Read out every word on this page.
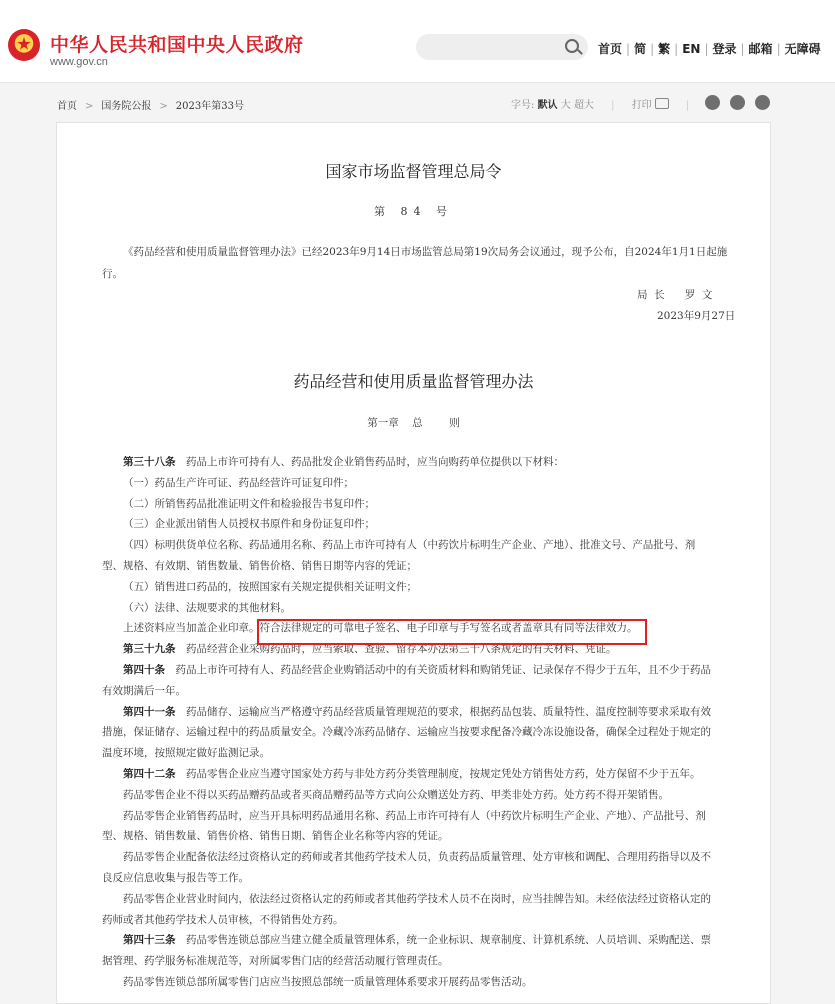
中华人民共和国中央人民政府
www.gov.cn
首页 | 简 | 繁 | EN | 登录 | 邮箱 | 无障碍
首页 > 国务院公报 > 2023年第33号	字号: 默认 大 超大 | 打印	|
国家市场监督管理总局令
第 84 号
《药品经营和使用质量监督管理办法》已经2023年9月14日市场监管总局第19次局务会议通过，现予公布，自2024年1月1日起施
行。
局  长      罗  文
2023年9月27日
药品经营和使用质量监督管理办法
第一章    总        则
第三十八条　药品上市许可持有人、药品批发企业销售药品时，应当向购药单位提供以下材料：
（一）药品生产许可证、药品经营许可证复印件；
（二）所销售药品批准证明文件和检验报告书复印件；
（三）企业派出销售人员授权书原件和身份证复印件；
（四）标明供货单位名称、药品通用名称、药品上市许可持有人（中药饮片标明生产企业、产地）、批准文号、产品批号、剂
型、规格、有效期、销售数量、销售价格、销售日期等内容的凭证；
（五）销售进口药品的，按照国家有关规定提供相关证明文件；
（六）法律、法规要求的其他材料。
上述资料应当加盖企业印章。符合法律规定的可靠电子签名、电子印章与手写签名或者盖章具有同等法律效力。
第三十九条　药品经营企业采购药品时，应当索取、查验、留存本办法第三十八条规定的有关材料、凭证。
第四十条　药品上市许可持有人、药品经营企业购销活动中的有关资质材料和购销凭证、记录保存不得少于五年，且不少于药品
有效期满后一年。
第四十一条　药品储存、运输应当严格遵守药品经营质量管理规范的要求，根据药品包装、质量特性、温度控制等要求采取有效
措施，保证储存、运输过程中的药品质量安全。冷藏冷冻药品储存、运输应当按要求配备冷藏冷冻设施设备，确保全过程处于规定的
温度环境，按照规定做好监测记录。
第四十二条　药品零售企业应当遵守国家处方药与非处方药分类管理制度，按规定凭处方销售处方药，处方保留不少于五年。
药品零售企业不得以买药品赠药品或者买商品赠药品等方式向公众赠送处方药、甲类非处方药。处方药不得开架销售。
药品零售企业销售药品时，应当开具标明药品通用名称、药品上市许可持有人（中药饮片标明生产企业、产地）、产品批号、剂
型、规格、销售数量、销售价格、销售日期、销售企业名称等内容的凭证。
药品零售企业配备依法经过资格认定的药师或者其他药学技术人员，负责药品质量管理、处方审核和调配、合理用药指导以及不
良反应信息收集与报告等工作。
药品零售企业营业时间内，依法经过资格认定的药师或者其他药学技术人员不在岗时，应当挂牌告知。未经依法经过资格认定的
药师或者其他药学技术人员审核，不得销售处方药。
第四十三条　药品零售连锁总部应当建立健全质量管理体系，统一企业标识、规章制度、计算机系统、人员培训、采购配送、票
据管理、药学服务标准规范等，对所属零售门店的经营活动履行管理责任。
药品零售连锁总部所属零售门店应当按照总部统一质量管理体系要求开展药品零售活动。
